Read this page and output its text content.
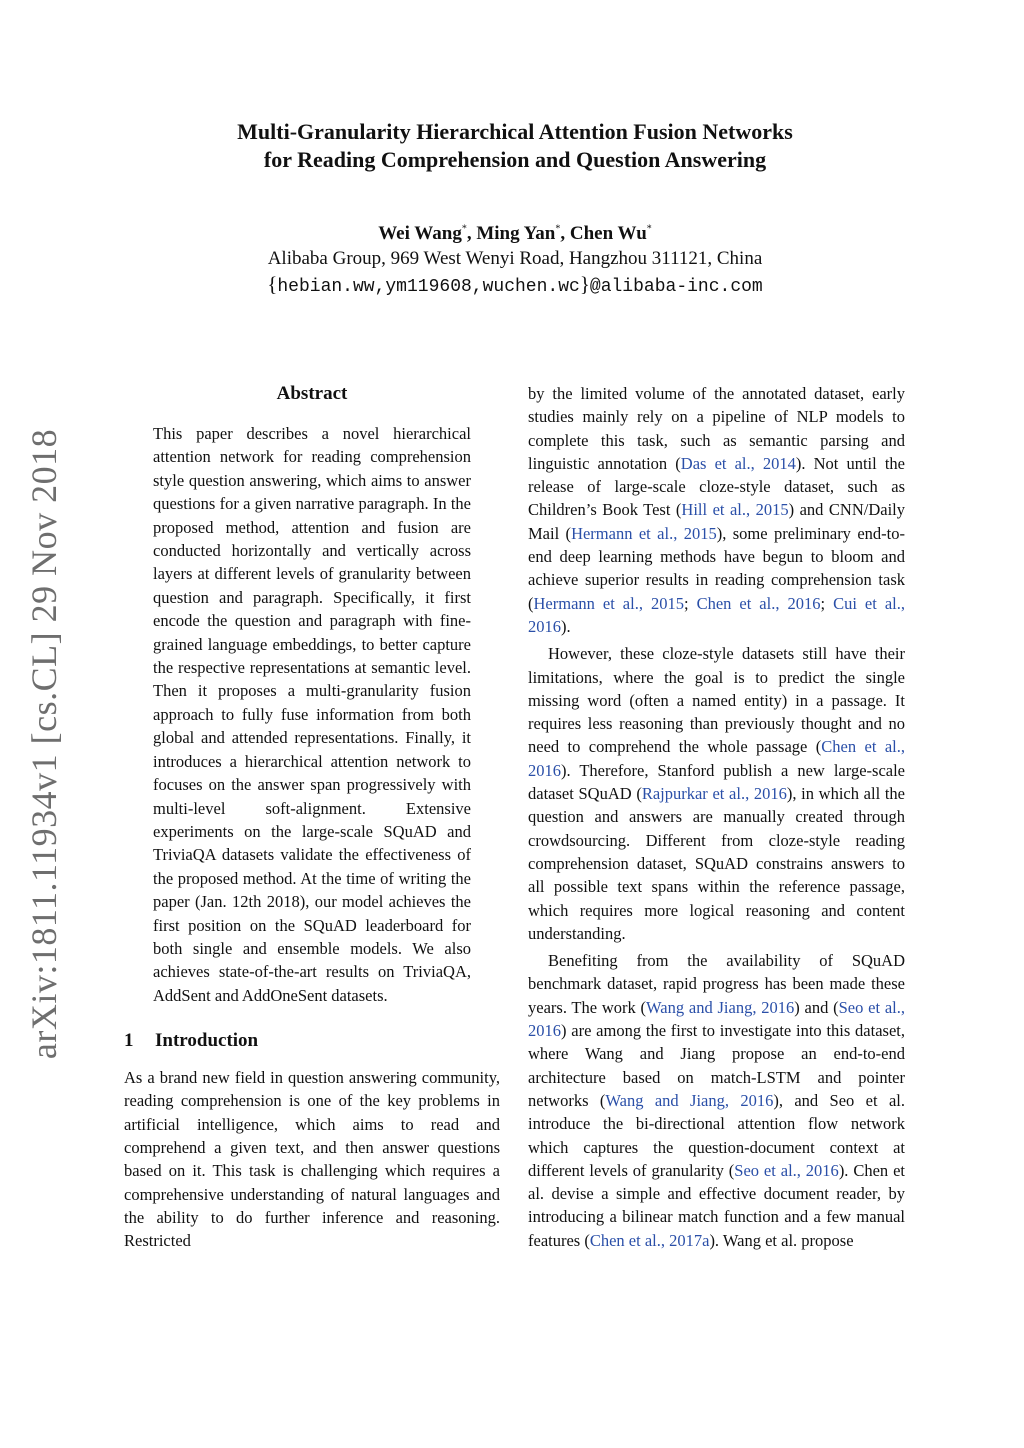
arXiv:1811.11934v1 [cs.CL] 29 Nov 2018
Multi-Granularity Hierarchical Attention Fusion Networks
for Reading Comprehension and Question Answering
Wei Wang*, Ming Yan*, Chen Wu*
Alibaba Group, 969 West Wenyi Road, Hangzhou 311121, China
{hebian.ww,ym119608,wuchen.wc}@alibaba-inc.com
Abstract
This paper describes a novel hierarchical attention network for reading comprehension style question answering, which aims to answer questions for a given narrative paragraph. In the proposed method, attention and fusion are conducted horizontally and vertically across layers at different levels of granularity between question and paragraph. Specifically, it first encode the question and paragraph with fine-grained language embeddings, to better capture the respective representations at semantic level. Then it proposes a multi-granularity fusion approach to fully fuse information from both global and attended representations. Finally, it introduces a hierarchical attention network to focuses on the answer span progressively with multi-level soft-alignment. Extensive experiments on the large-scale SQuAD and TriviaQA datasets validate the effectiveness of the proposed method. At the time of writing the paper (Jan. 12th 2018), our model achieves the first position on the SQuAD leaderboard for both single and ensemble models. We also achieves state-of-the-art results on TriviaQA, AddSent and AddOneSent datasets.
1 Introduction

As a brand new field in question answering community, reading comprehension is one of the key problems in artificial intelligence, which aims to read and comprehend a given text, and then answer questions based on it. This task is challenging which requires a comprehensive understanding of natural languages and the ability to do further inference and reasoning. Restricted

by the limited volume of the annotated dataset, early studies mainly rely on a pipeline of NLP models to complete this task, such as semantic parsing and linguistic annotation (Das et al., 2014). Not until the release of large-scale cloze-style dataset, such as Children’s Book Test (Hill et al., 2015) and CNN/Daily Mail (Hermann et al., 2015), some preliminary end-to-end deep learning methods have begun to bloom and achieve superior results in reading comprehension task (Hermann et al., 2015; Chen et al., 2016; Cui et al., 2016).

However, these cloze-style datasets still have their limitations, where the goal is to predict the single missing word (often a named entity) in a passage. It requires less reasoning than previously thought and no need to comprehend the whole passage (Chen et al., 2016). Therefore, Stanford publish a new large-scale dataset SQuAD (Rajpurkar et al., 2016), in which all the question and answers are manually created through crowdsourcing. Different from cloze-style reading comprehension dataset, SQuAD constrains answers to all possible text spans within the reference passage, which requires more logical reasoning and content understanding.

Benefiting from the availability of SQuAD benchmark dataset, rapid progress has been made these years. The work (Wang and Jiang, 2016) and (Seo et al., 2016) are among the first to investigate into this dataset, where Wang and Jiang propose an end-to-end architecture based on match-LSTM and pointer networks (Wang and Jiang, 2016), and Seo et al. introduce the bi-directional attention flow network which captures the question-document context at different levels of granularity (Seo et al., 2016). Chen et al. devise a simple and effective document reader, by introducing a bilinear match function and a few manual features (Chen et al., 2017a). Wang et al. propose
